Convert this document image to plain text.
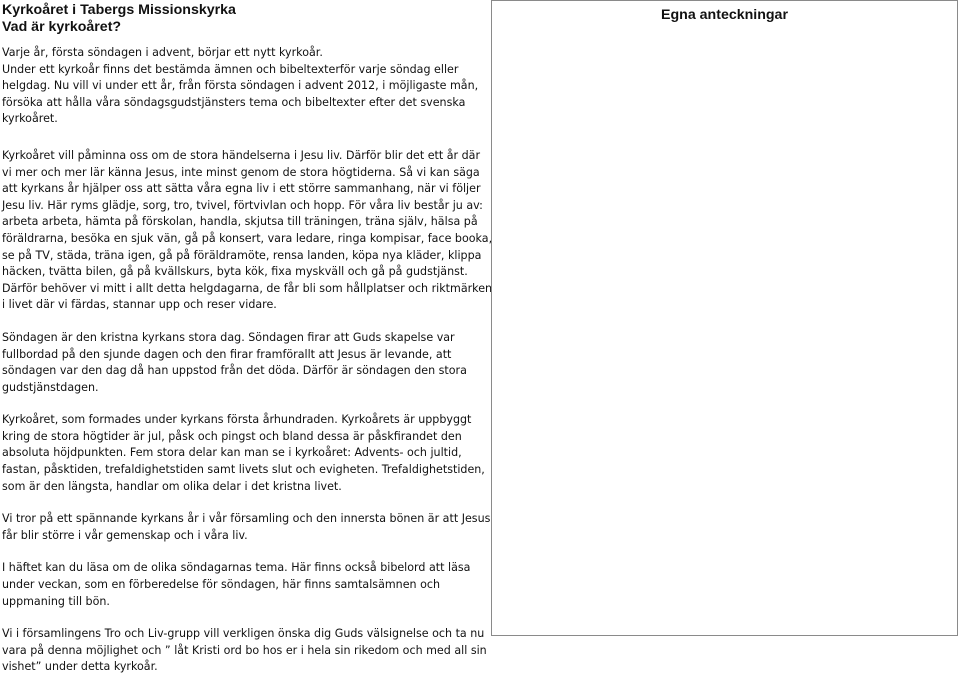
Kyrkoåret i Tabergs Missionskyrka
Vad är kyrkoåret?

Varje år, första söndagen i advent, börjar ett nytt kyrkoår.
Under ett kyrkoår finns det bestämda ämnen och bibeltexterför varje söndag eller
helgdag. Nu vill vi under ett år, från första söndagen i advent 2012, i möjligaste mån,
försöka att hålla våra söndagsgudstjänsters tema och bibeltexter efter det svenska
kyrkoåret.

Kyrkoåret vill påminna oss om de stora händelserna i Jesu liv. Därför blir det ett år där
vi mer och mer lär känna Jesus, inte minst genom de stora högtiderna. Så vi kan säga
att kyrkans år hjälper oss att sätta våra egna liv i ett större sammanhang, när vi följer
Jesu liv. Här ryms glädje, sorg, tro, tvivel, förtvivlan och hopp. För våra liv består ju av:
arbeta arbeta, hämta på förskolan, handla, skjutsa till träningen, träna själv, hälsa på
föräldrarna, besöka en sjuk vän, gå på konsert, vara ledare, ringa kompisar, face booka,
se på TV, städa, träna igen, gå på föräldramöte, rensa landen, köpa nya kläder, klippa
häcken, tvätta bilen, gå på kvällskurs, byta kök, fixa myskväll och gå på gudstjänst.
Därför behöver vi mitt i allt detta helgdagarna, de får bli som hållplatser och riktmärken
i livet där vi färdas, stannar upp och reser vidare.

Söndagen är den kristna kyrkans stora dag. Söndagen firar att Guds skapelse var
fullbordad på den sjunde dagen och den firar framförallt att Jesus är levande, att
söndagen var den dag då han uppstod från det döda. Därför är söndagen den stora
gudstjänstdagen.

Kyrkoåret, som formades under kyrkans första århundraden. Kyrkoårets är uppbyggt
kring de stora högtider är jul, påsk och pingst och bland dessa är påskfirandet den
absoluta höjdpunkten. Fem stora delar kan man se i kyrkoåret: Advents- och jultid,
fastan, påsktiden, trefaldighetstiden samt livets slut och evigheten. Trefaldighetstiden,
som är den längsta, handlar om olika delar i det kristna livet.

Vi tror på ett spännande kyrkans år i vår församling och den innersta bönen är att Jesus
får blir större i vår gemenskap och i våra liv.

I häftet kan du läsa om de olika söndagarnas tema. Här finns också bibelord att läsa
under veckan, som en förberedelse för söndagen, här finns samtalsämnen och
uppmaning till bön.

Vi i församlingens Tro och Liv-grupp vill verkligen önska dig Guds välsignelse och ta nu
vara på denna möjlighet och ” låt Kristi ord bo hos er i hela sin rikedom och med all sin
vishet” under detta kyrkoår.

Egna anteckningar
